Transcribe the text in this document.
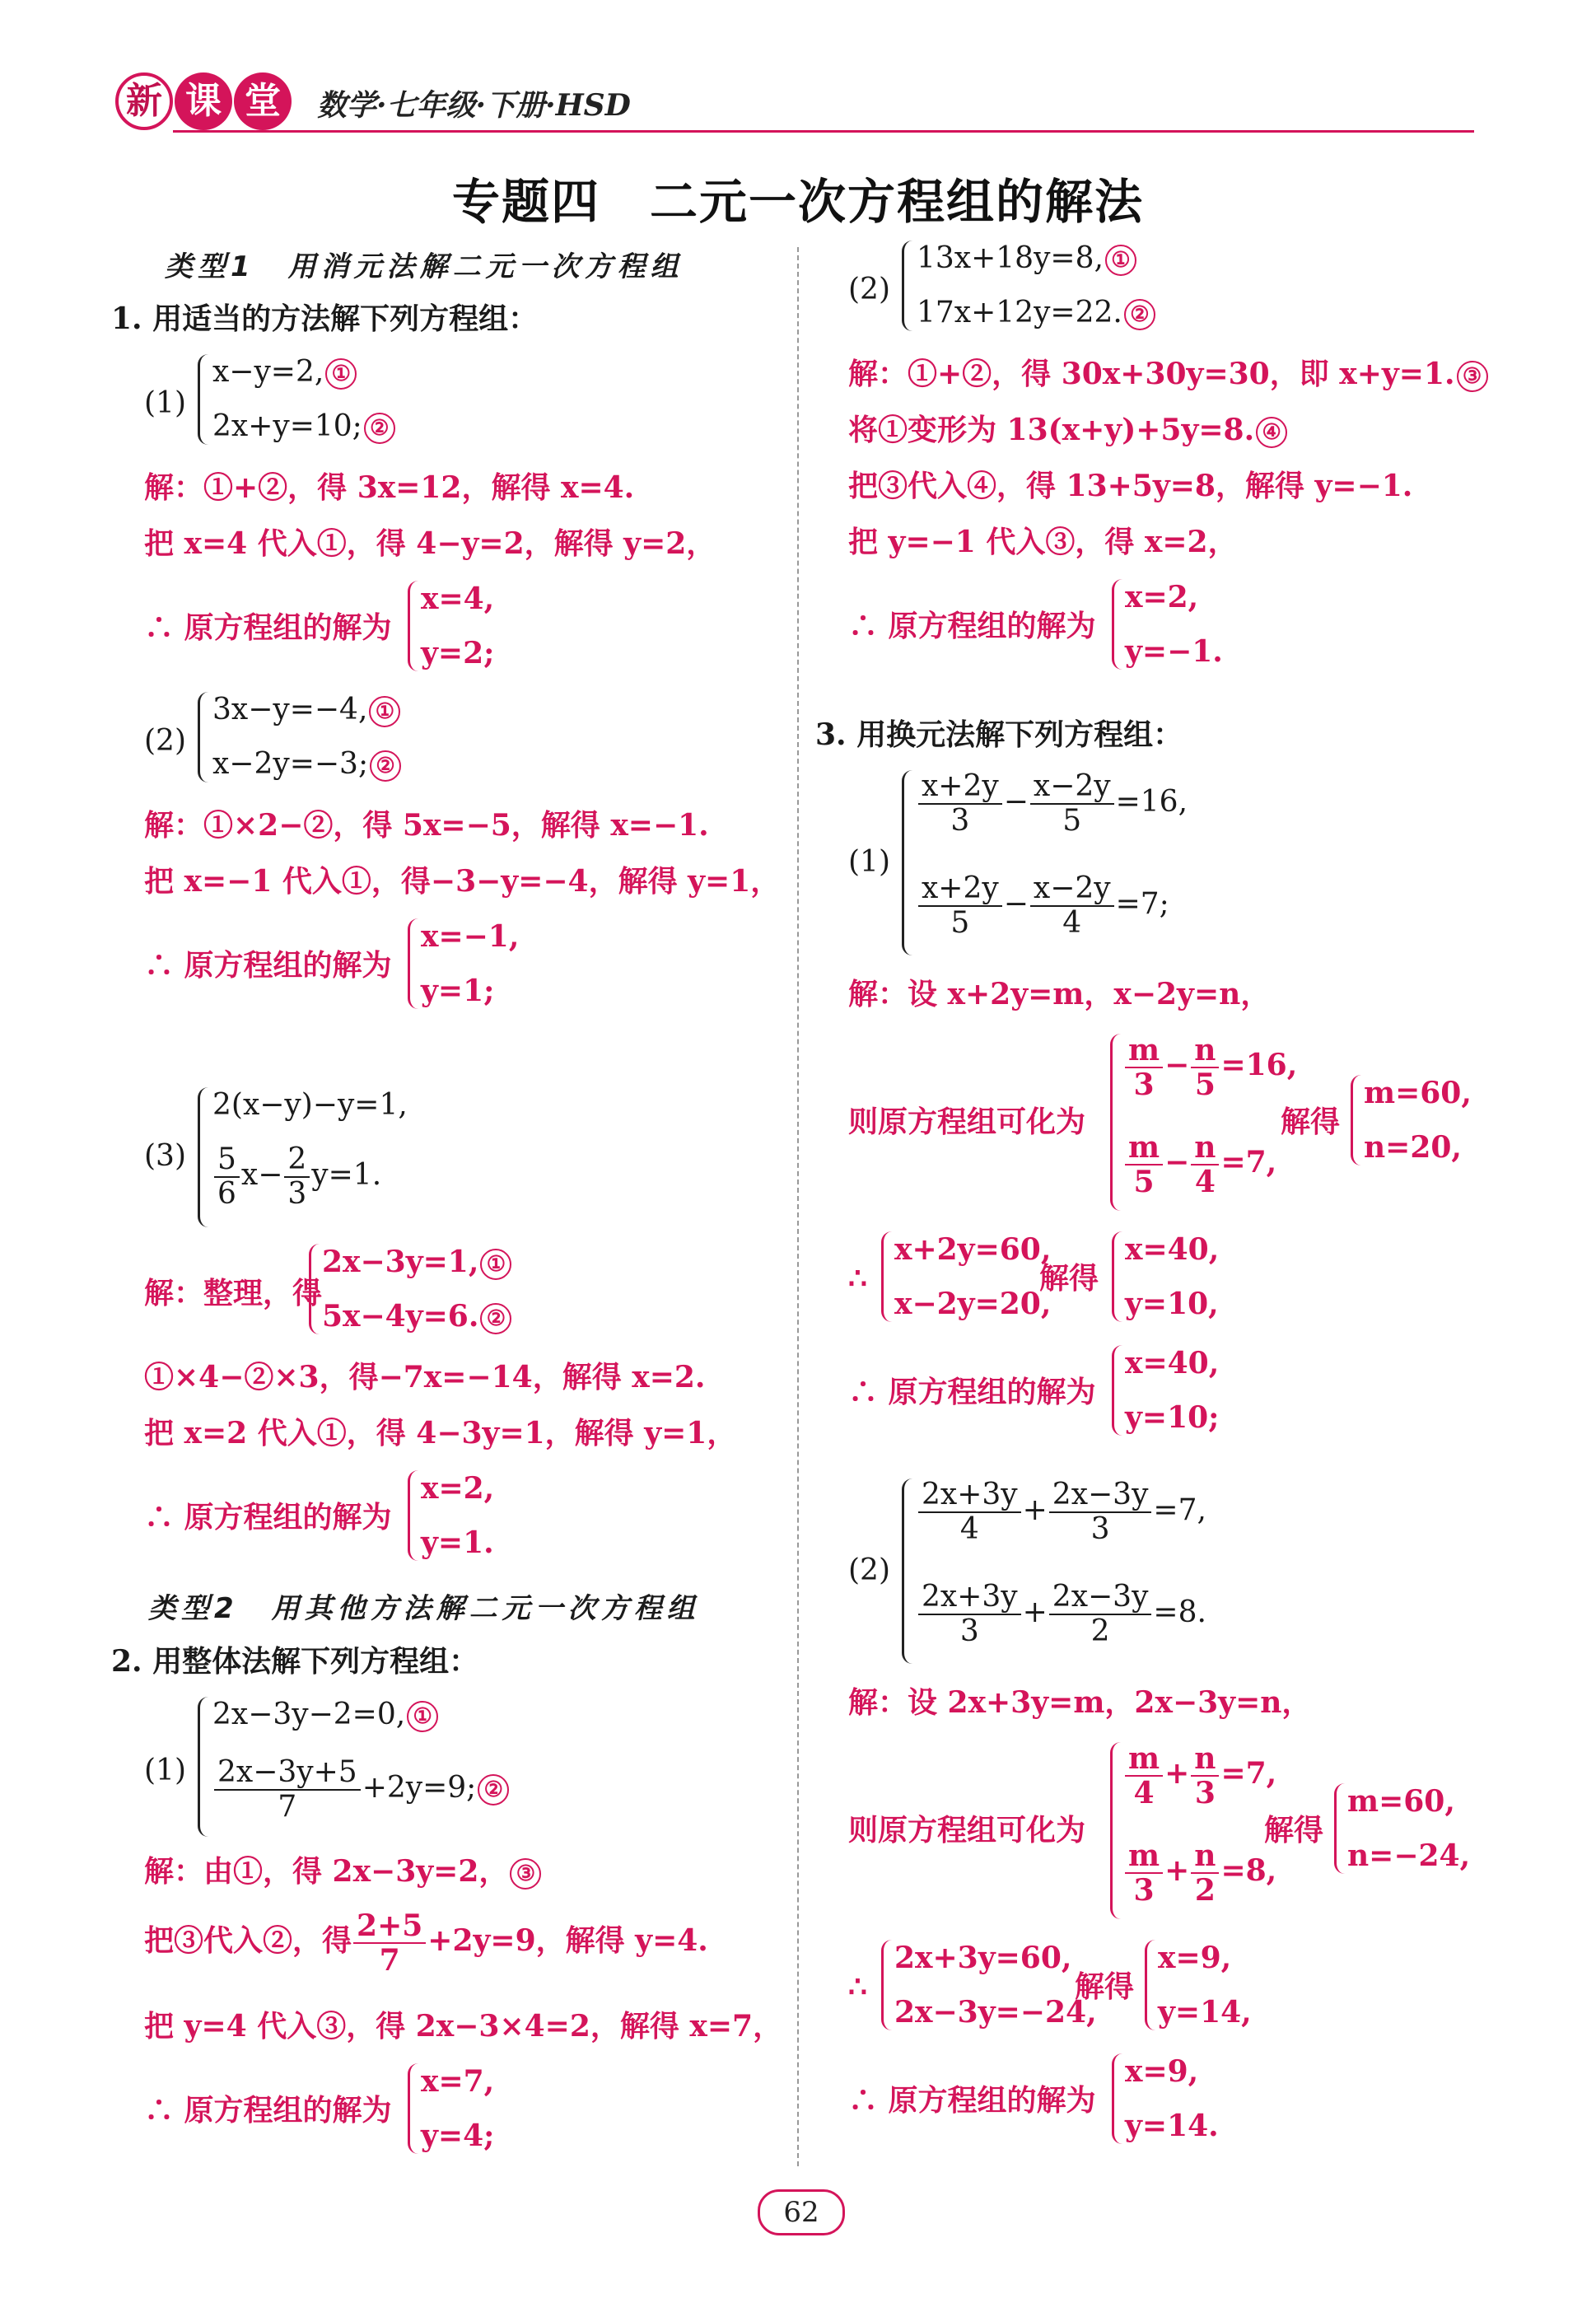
新 课 堂	数学·七年级·下册·HSD
专题四　二元一次方程组的解法
类型1　用消元法解二元一次方程组
1. 用适当的方法解下列方程组：
(1)
x−y=2, ①
2x+y=10; ②
解：①+②，得 3x=12，解得 x=4.
把 x=4 代入①，得 4−y=2，解得 y=2，
∴ 原方程组的解为
x=4,
y=2;
(2)
3x−y=−4, ①
x−2y=−3; ②
解：①×2−②，得 5x=−5，解得 x=−1.
把 x=−1 代入①，得−3−y=−4，解得 y=1，
∴ 原方程组的解为
x=−1,
y=1;
(3)
2(x−y)−y=1,
$\frac{5}{6} x- \frac{2}{3} y=1$.
解：整理，得
2x−3y=1, ①
5x−4y=6. ②
①×4−②×3，得−7x=−14，解得 x=2.
把 x=2 代入①，得 4−3y=1，解得 y=1，
∴ 原方程组的解为
x=2,
y=1.
类型2　用其他方法解二元一次方程组
2. 用整体法解下列方程组：
(1)
2x−3y−2=0, ①
$\frac{2x-3y+5}{7} +2y=9$; ②
解：由①，得 2x−3y=2， ③
把③代入②，得 $\frac{2+5}{7} +2y=9$，解得 y=4.
把 y=4 代入③，得 2x−3×4=2，解得 x=7，
∴ 原方程组的解为
x=7,
y=4;
(2)
13x+18y=8, ①
17x+12y=22. ②
解：①+②，得 30x+30y=30，即 x+y=1. ③
将①变形为 13(x+y)+5y=8. ④
把③代入④，得 13+5y=8，解得 y=−1.
把 y=−1 代入③，得 x=2，
∴ 原方程组的解为
x=2,
y=−1.
3. 用换元法解下列方程组：
(1)
$\frac{x+2y}{3} - \frac{x-2y}{5} =16$,
$\frac{x+2y}{5} - \frac{x-2y}{4} =7$;
解：设 x+2y=m，x−2y=n，
则原方程组可化为
$\frac{m}{3} - \frac{n}{5} =16$,
$\frac{m}{5} - \frac{n}{4} =7$,
解得
m=60,
n=20,
∴
x+2y=60,
x−2y=20,
解得
x=40,
y=10,
∴ 原方程组的解为
x=40,
y=10;
(2)
$\frac{2x+3y}{4} + \frac{2x-3y}{3} =7$,
$\frac{2x+3y}{3} + \frac{2x-3y}{2} =8$.
解：设 2x+3y=m，2x−3y=n，
则原方程组可化为
$\frac{m}{4} + \frac{n}{3} =7$,
$\frac{m}{3} + \frac{n}{2} =8$,
解得
m=60,
n=−24,
∴
2x+3y=60,
2x−3y=−24,
解得
x=9,
y=14,
∴ 原方程组的解为
x=9,
y=14.
62
